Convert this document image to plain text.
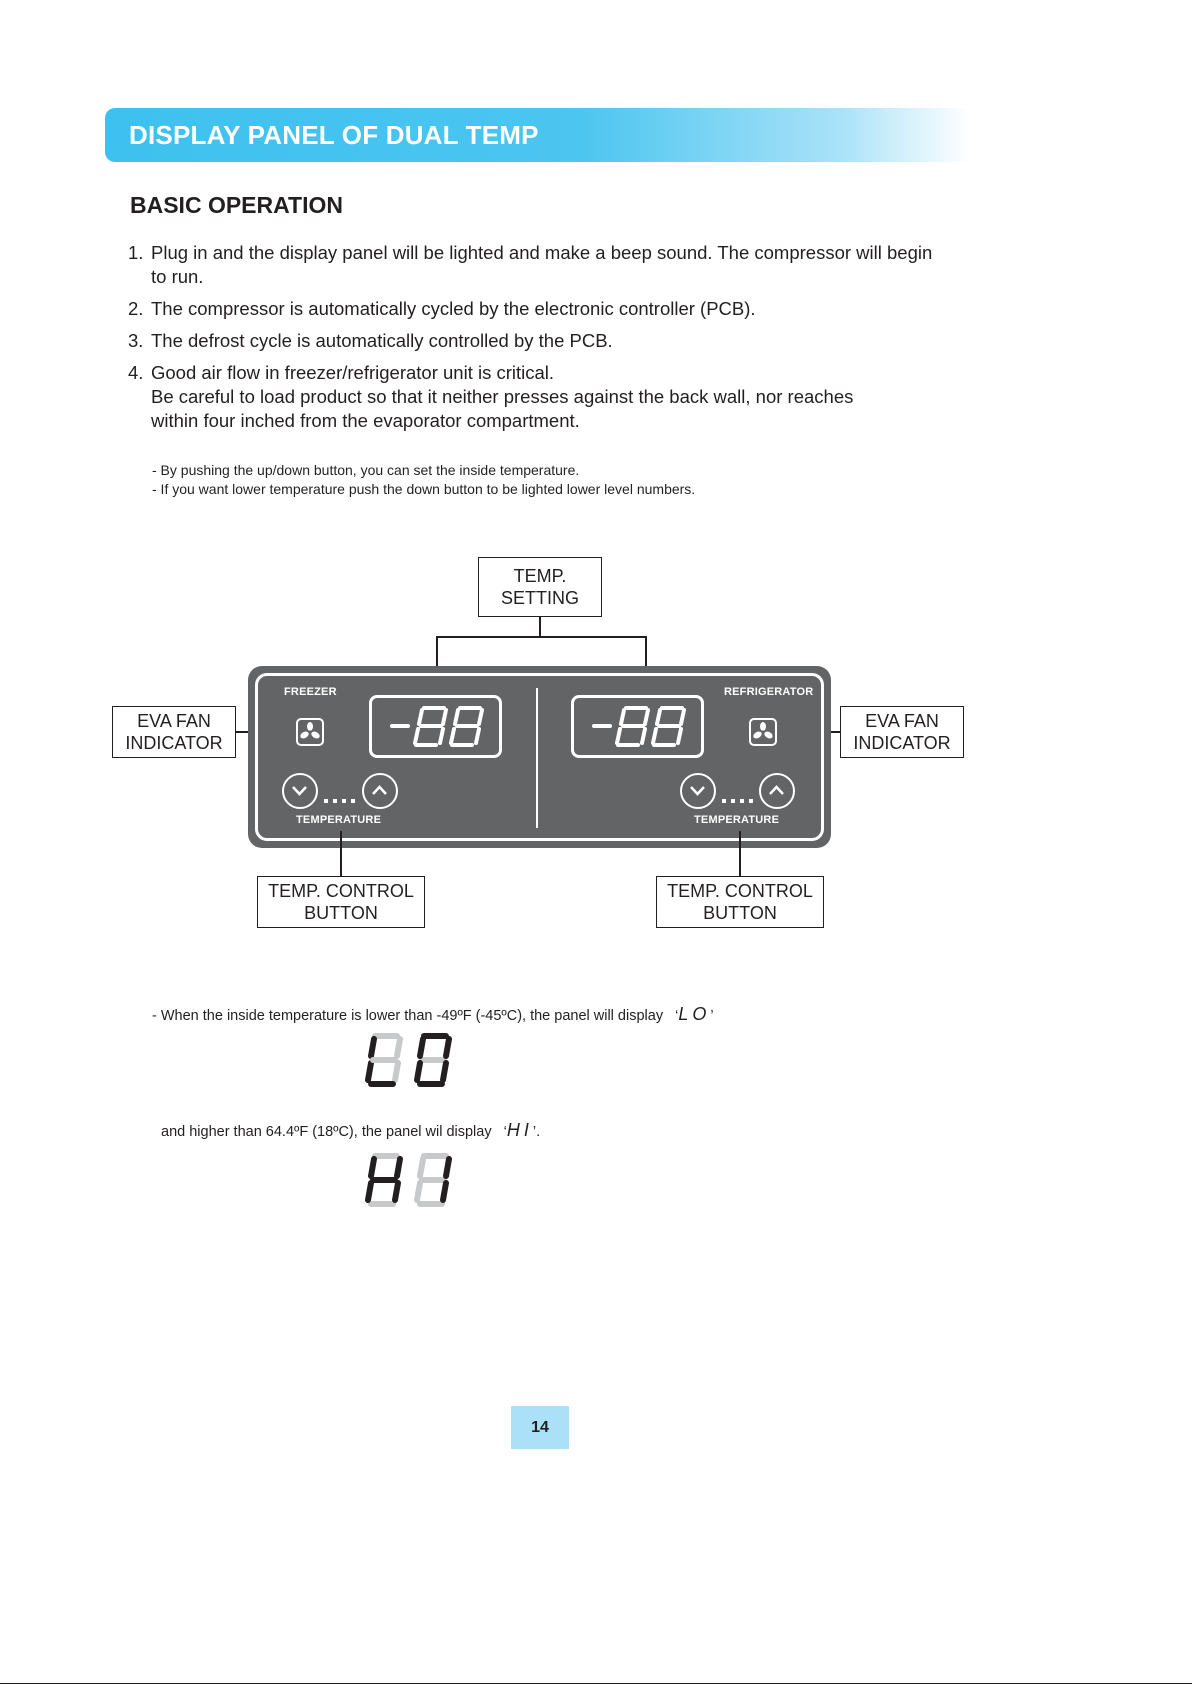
DISPLAY PANEL OF DUAL TEMP
BASIC OPERATION
1. Plug in and the display panel will be lighted and make a beep sound. The compressor will begin to run.
2. The compressor is automatically cycled by the electronic controller (PCB).
3. The defrost cycle is automatically controlled by the PCB.
4. Good air flow in freezer/refrigerator unit is critical.
Be careful to load product so that it neither presses against the back wall, nor reaches within four inched from the evaporator compartment.
- By pushing the up/down button, you can set the inside temperature.
- If you want lower temperature push the down button to be lighted lower level numbers.
TEMP.
SETTING
EVA FAN
INDICATOR
EVA FAN
INDICATOR
FREEZER	REFRIGERATOR
TEMPERATURE	TEMPERATURE
TEMP. CONTROL
BUTTON
TEMP. CONTROL
BUTTON
- When the inside temperature is lower than -49ºF (-45ºC), the panel will display ‘LO’
and higher than 64.4ºF (18ºC), the panel wil display ‘HI’.
14
